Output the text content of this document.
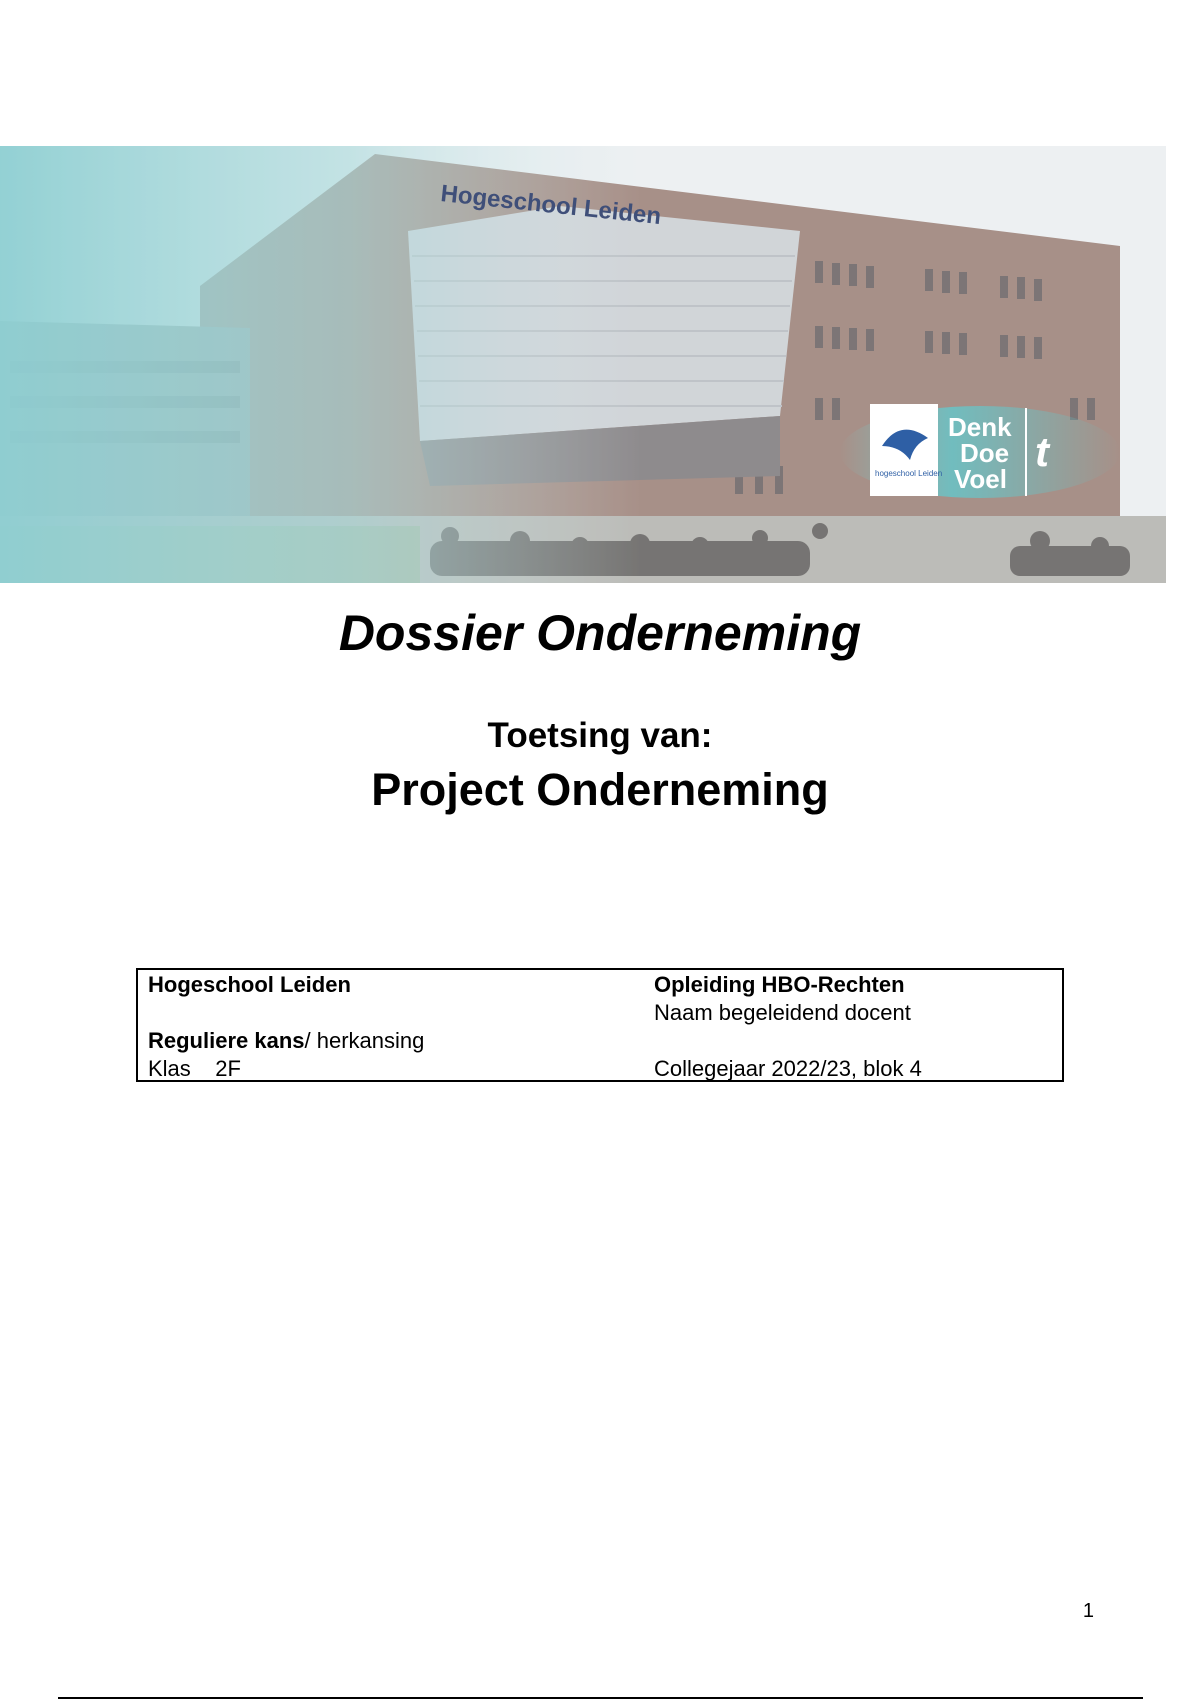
Hogeschool Leiden
hogeschool Leiden
Denk
Doe
Voel
t
Dossier Onderneming
Toetsing van:
Project Onderneming
Hogeschool Leiden	Opleiding HBO-Rechten
Naam begeleidend docent
Reguliere kans/ herkansing
Klas 2F	Collegejaar 2022/23, blok 4
1
